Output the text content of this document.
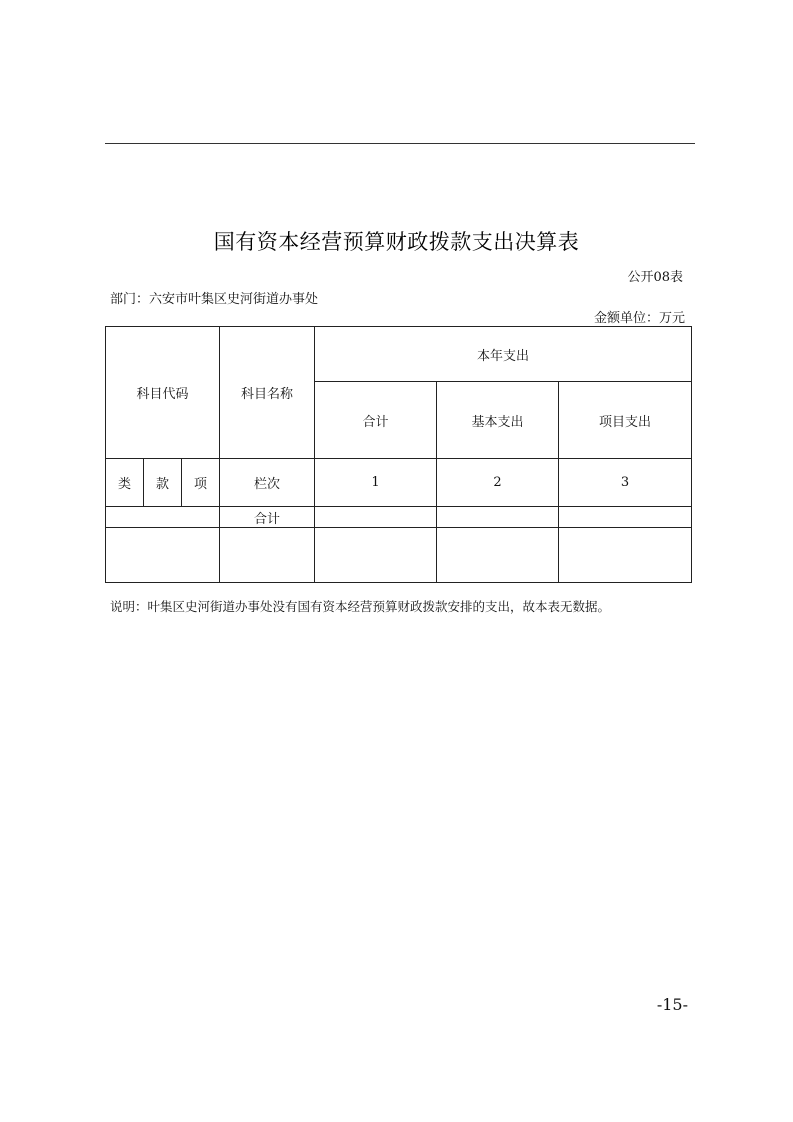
国有资本经营预算财政拨款支出决算表
公开08表
部门：六安市叶集区史河街道办事处
金额单位：万元
科目代码			科目名称	本年支出		
				合计	基本支出	项目支出
类	款	项	栏次	1	2	3
			合计			

说明：叶集区史河街道办事处没有国有资本经营预算财政拨款安排的支出，故本表无数据。
-15-
